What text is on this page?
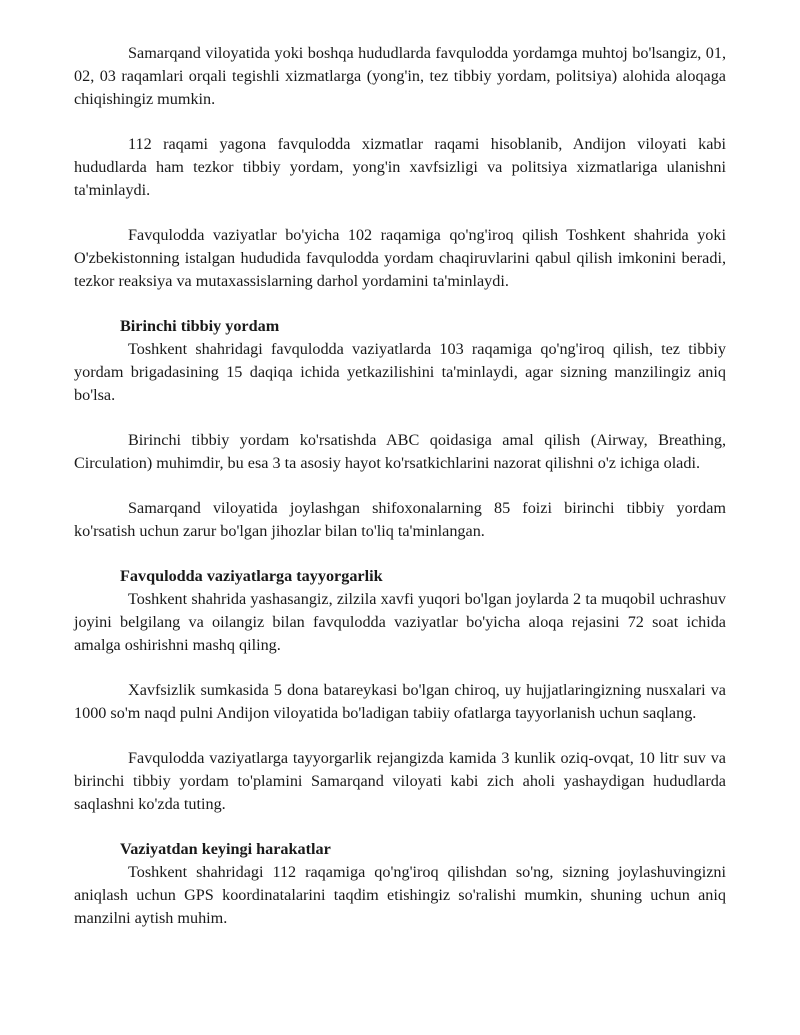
Samarqand viloyatida yoki boshqa hududlarda favqulodda yordamga muhtoj bo'lsangiz, 01, 02, 03 raqamlari orqali tegishli xizmatlarga (yong'in, tez tibbiy yordam, politsiya) alohida aloqaga chiqishingiz mumkin.

112 raqami yagona favqulodda xizmatlar raqami hisoblanib, Andijon viloyati kabi hududlarda ham tezkor tibbiy yordam, yong'in xavfsizligi va politsiya xizmatlariga ulanishni ta'minlaydi.

Favqulodda vaziyatlar bo'yicha 102 raqamiga qo'ng'iroq qilish Toshkent shahrida yoki O'zbekistonning istalgan hududida favqulodda yordam chaqiruvlarini qabul qilish imkonini beradi, tezkor reaksiya va mutaxassislarning darhol yordamini ta'minlaydi.

Birinchi tibbiy yordam

Toshkent shahridagi favqulodda vaziyatlarda 103 raqamiga qo'ng'iroq qilish, tez tibbiy yordam brigadasining 15 daqiqa ichida yetkazilishini ta'minlaydi, agar sizning manzilingiz aniq bo'lsa.

Birinchi tibbiy yordam ko'rsatishda ABC qoidasiga amal qilish (Airway, Breathing, Circulation) muhimdir, bu esa 3 ta asosiy hayot ko'rsatkichlarini nazorat qilishni o'z ichiga oladi.

Samarqand viloyatida joylashgan shifoxonalarning 85 foizi birinchi tibbiy yordam ko'rsatish uchun zarur bo'lgan jihozlar bilan to'liq ta'minlangan.

Favqulodda vaziyatlarga tayyorgarlik

Toshkent shahrida yashasangiz, zilzila xavfi yuqori bo'lgan joylarda 2 ta muqobil uchrashuv joyini belgilang va oilangiz bilan favqulodda vaziyatlar bo'yicha aloqa rejasini 72 soat ichida amalga oshirishni mashq qiling.

Xavfsizlik sumkasida 5 dona batareykasi bo'lgan chiroq, uy hujjatlaringizning nusxalari va 1000 so'm naqd pulni Andijon viloyatida bo'ladigan tabiiy ofatlarga tayyorlanish uchun saqlang.

Favqulodda vaziyatlarga tayyorgarlik rejangizda kamida 3 kunlik oziq-ovqat, 10 litr suv va birinchi tibbiy yordam to'plamini Samarqand viloyati kabi zich aholi yashaydigan hududlarda saqlashni ko'zda tuting.

Vaziyatdan keyingi harakatlar

Toshkent shahridagi 112 raqamiga qo'ng'iroq qilishdan so'ng, sizning joylashuvingizni aniqlash uchun GPS koordinatalarini taqdim etishingiz so'ralishi mumkin, shuning uchun aniq manzilni aytish muhim.
